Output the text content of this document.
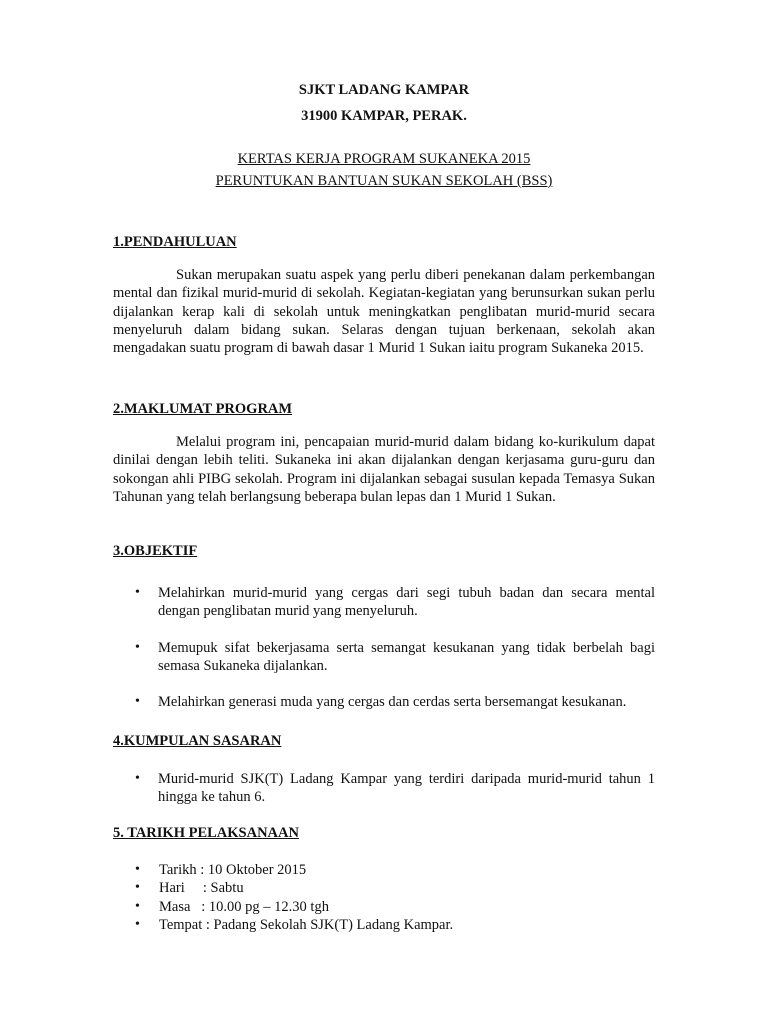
SJKT LADANG KAMPAR
31900 KAMPAR, PERAK.
KERTAS KERJA PROGRAM SUKANEKA 2015
PERUNTUKAN BANTUAN SUKAN SEKOLAH (BSS)
1.PENDAHULUAN
Sukan merupakan suatu aspek yang perlu diberi penekanan dalam perkembangan mental dan fizikal murid-murid di sekolah. Kegiatan-kegiatan yang berunsurkan sukan perlu dijalankan kerap kali di sekolah untuk meningkatkan penglibatan murid-murid secara menyeluruh dalam bidang sukan. Selaras dengan tujuan berkenaan, sekolah akan mengadakan suatu program di bawah dasar 1 Murid 1 Sukan iaitu program Sukaneka 2015.
2.MAKLUMAT PROGRAM
Melalui program ini, pencapaian murid-murid dalam bidang ko-kurikulum dapat dinilai dengan lebih teliti. Sukaneka ini akan dijalankan dengan kerjasama guru-guru dan sokongan ahli PIBG sekolah. Program ini dijalankan sebagai susulan kepada Temasya Sukan Tahunan yang telah berlangsung beberapa bulan lepas dan 1 Murid 1 Sukan.
3.OBJEKTIF
• Melahirkan murid-murid yang cergas dari segi tubuh badan dan secara mental dengan penglibatan murid yang menyeluruh.
• Memupuk sifat bekerjasama serta semangat kesukanan yang tidak berbelah bagi semasa Sukaneka dijalankan.
• Melahirkan generasi muda yang cergas dan cerdas serta bersemangat kesukanan.
4.KUMPULAN SASARAN
• Murid-murid SJK(T) Ladang Kampar yang terdiri daripada murid-murid tahun 1 hingga ke tahun 6.
5. TARIKH PELAKSANAAN
• Tarikh : 10 Oktober 2015
• Hari     : Sabtu
• Masa   : 10.00 pg – 12.30 tgh
• Tempat : Padang Sekolah SJK(T) Ladang Kampar.
